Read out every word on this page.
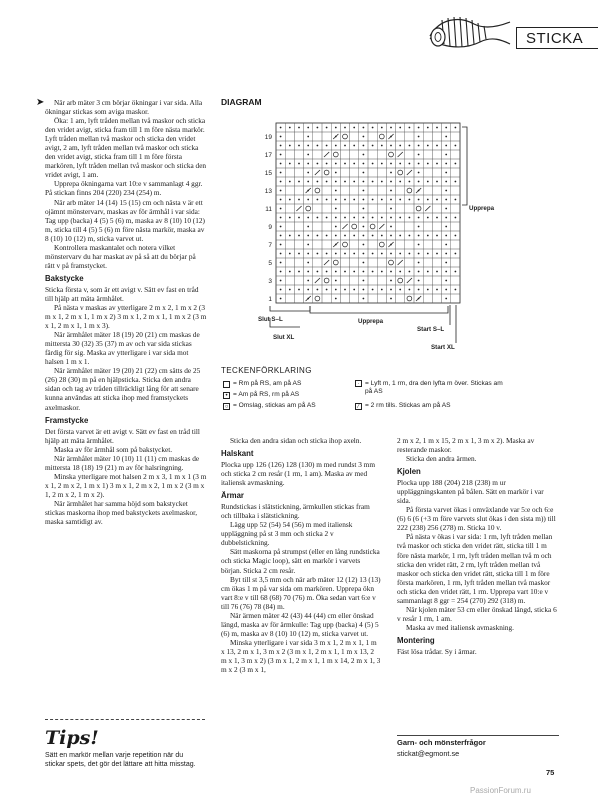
STICKA
➤	När arb mäter 3 cm börjar ökningar i var sida. Alla ökningar stickas som aviga maskor.

Öka: 1 am, lyft tråden mellan två maskor och sticka den vridet avigt, sticka fram till 1 m före nästa markör. Lyft tråden mellan två maskor och sticka den vridet avigt, 2 am, lyft tråden mellan två maskor och sticka den vridet avigt, sticka fram till 1 m före första markören, lyft tråden mellan två maskor och sticka den vridet avigt, 1 am.

Upprepa ökningarna vart 10:e v sammanlagt 4 ggr. På stickan finns 204 (220) 234 (254) m.

När arb mäter 14 (14) 15 (15) cm och nästa v är ett ojämnt mönstervarv, maskas av för ärmhål i var sida: Tag upp (backa) 4 (5) 5 (6) m, maska av 8 (10) 10 (12) m, sticka till 4 (5) 5 (6) m före nästa markör, maska av 8 (10) 10 (12) m, sticka varvet ut.

Kontrollera maskantalet och notera vilket mönstervarv du har maskat av på så att du börjar på rätt v på framstycket.

Bakstycke

Sticka första v, som är ett avigt v. Sätt ev fast en tråd till hjälp att mäta ärmhålet.

På nästa v maskas av ytterligare 2 m x 2, 1 m x 2 (3 m x 1, 2 m x 1, 1 m x 2) 3 m x 1, 2 m x 1, 1 m x 2 (3 m x 1, 2 m x 1, 1 m x 3).

När ärmhålet mäter 18 (19) 20 (21) cm maskas de mittersta 30 (32) 35 (37) m av och var sida stickas färdig för sig. Maska av ytterligare i var sida mot halsen 1 m x 1.

När ärmhålet mäter 19 (20) 21 (22) cm sätts de 25 (26) 28 (30) m på en hjälpsticka. Sticka den andra sidan och tag av tråden tillräckligt lång för att senare kunna användas att sticka ihop med framstyckets axelmaskor.

Framstycke

Det första varvet är ett avigt v. Sätt ev fast en tråd till hjälp att mäta ärmhålet.

Maska av för ärmhål som på bakstycket.

När ärmhålet mäter 10 (10) 11 (11) cm maskas de mittersta 18 (18) 19 (21) m av för halsringning.

Minska ytterligare mot halsen 2 m x 3, 1 m x 1 (3 m x 1, 2 m x 2, 1 m x 1) 3 m x 1, 2 m x 2, 1 m x 2 (3 m x 1, 2 m x 2, 1 m x 2).

När ärmhålet har samma höjd som bakstycket stickas maskorna ihop med bakstyckets axelmaskor, maska samtidigt av.

DIAGRAM
19
17
15
13
11
9
7
5
3
1
Upprepa
Slut S–L	Upprepa
Start S–L
Slut XL
Start XL
TECKENFÖRKLARING
= Rm på RS, am på AS
• = Am på RS, rm på AS
○ = Omslag, stickas am på AS
· = Lyft m, 1 rm, dra den lyfta m över. Stickas am på AS
⁄ = 2 rm tills. Stickas am på AS

Sticka den andra sidan och sticka ihop axeln.

Halskant

Plocka upp 126 (126) 128 (130) m med rundst 3 mm och sticka 2 cm resår (1 rm, 1 am). Maska av med italiensk avmaskning.

Ärmar

Rundstickas i slätstickning, ärmkullen stickas fram och tillbaka i slätstickning.

Lägg upp 52 (54) 54 (56) m med italiensk uppläggning på st 3 mm och sticka 2 v dubbelstickning.

Sätt maskorna på strumpst (eller en lång rundsticka och sticka Magic loop), sätt en markör i varvets början. Sticka 2 cm resår.

Byt till st 3,5 mm och när arb mäter 12 (12) 13 (13) cm ökas 1 m på var sida om markören. Upprepa ökn vart 8:e v till 68 (68) 70 (76) m. Öka sedan vart 6:e v till 76 (76) 78 (84) m.

När ärmen mäter 42 (43) 44 (44) cm eller önskad längd, maska av för ärmkulle: Tag upp (backa) 4 (5) 5 (6) m, maska av 8 (10) 10 (12) m, sticka varvet ut.

Minska ytterligare i var sida 3 m x 1, 2 m x 1, 1 m x 13, 2 m x 1, 3 m x 2 (3 m x 1, 2 m x 1, 1 m x 13, 2 m x 1, 3 m x 2) (3 m x 1, 2 m x 1, 1 m x 14, 2 m x 1, 3 m x 2 (3 m x 1,

2 m x 2, 1 m x 15, 2 m x 1, 3 m x 2). Maska av resterande maskor.

Sticka den andra ärmen.

Kjolen

Plocka upp 188 (204) 218 (238) m ur uppläggningskanten på bålen. Sätt en markör i var sida.

På första varvet ökas i omväxlande var 5:e och 6:e (6) 6 (6 (+3 m före varvets slut ökas i den sista m)) till 222 (238) 256 (278) m. Sticka 10 v.

På nästa v ökas i var sida: 1 rm, lyft tråden mellan två maskor och sticka den vridet rätt, sticka till 1 m före nästa markör, 1 rm, lyft tråden mellan två m och sticka den vridet rätt, 2 rm, lyft tråden mellan två maskor och sticka den vridet rätt, sticka till 1 m före första markören, 1 rm, lyft tråden mellan två maskor och sticka den vridet rätt, 1 rm. Upprepa vart 10:e v sammanlagt 8 ggr = 254 (270) 292 (318) m.

När kjolen mäter 53 cm eller önskad längd, sticka 6 v resår 1 rm, 1 am.

Maska av med italiensk avmaskning.

Montering

Fäst lösa trådar. Sy i ärmar.

Tips!
Sätt en markör mellan varje repetition när du stickar spets, det gör det lättare att hitta misstag.
Garn- och mönsterfrågor
stickat@egmont.se
75
PassionForum.ru
